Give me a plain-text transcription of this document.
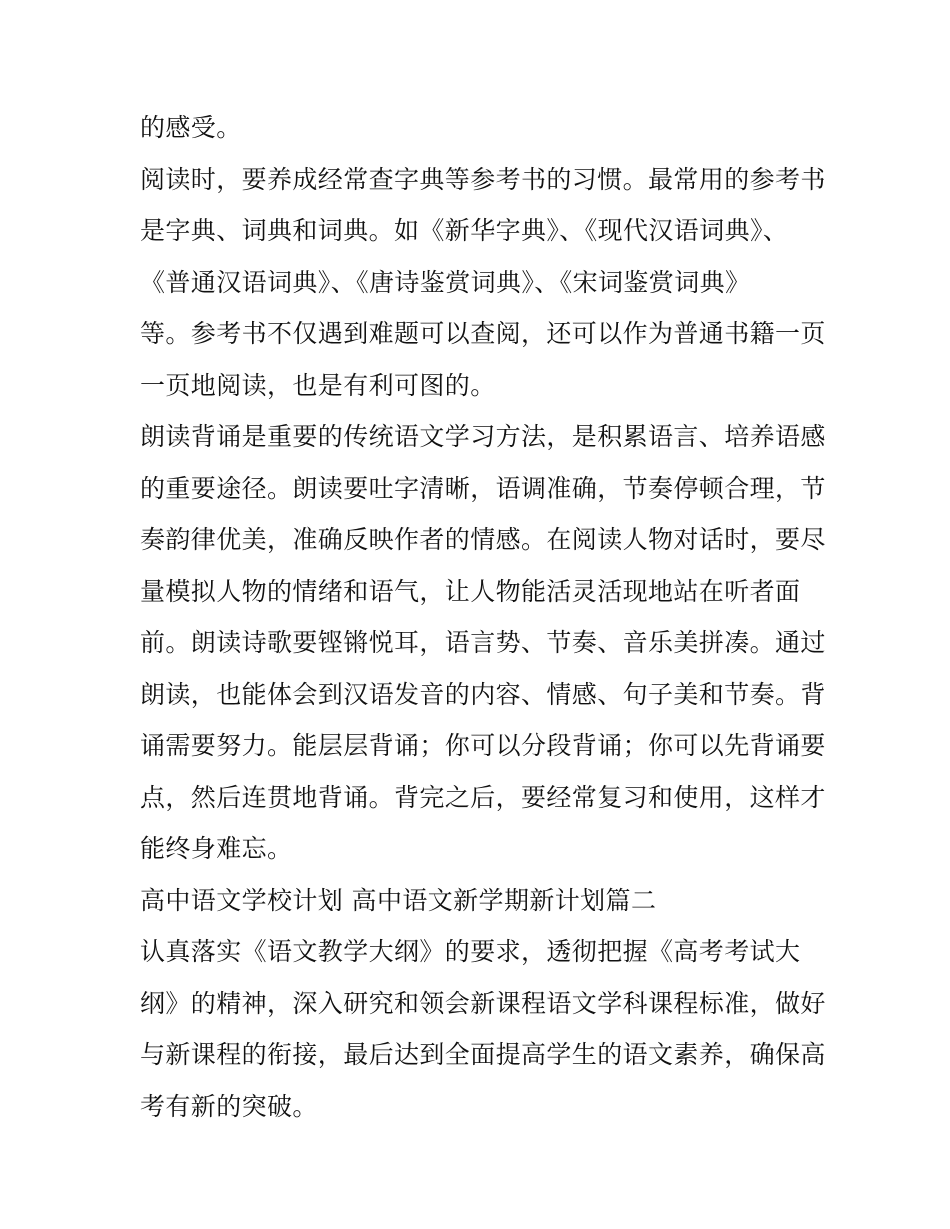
的感受。
阅读时，要养成经常查字典等参考书的习惯。最常用的参考书
是字典、词典和词典。如《新华字典》、《现代汉语词典》、
《普通汉语词典》、《唐诗鉴赏词典》、《宋词鉴赏词典》
等。参考书不仅遇到难题可以查阅，还可以作为普通书籍一页
一页地阅读，也是有利可图的。
朗读背诵是重要的传统语文学习方法，是积累语言、培养语感
的重要途径。朗读要吐字清晰，语调准确，节奏停顿合理，节
奏韵律优美，准确反映作者的情感。在阅读人物对话时，要尽
量模拟人物的情绪和语气，让人物能活灵活现地站在听者面
前。朗读诗歌要铿锵悦耳，语言势、节奏、音乐美拼凑。通过
朗读，也能体会到汉语发音的内容、情感、句子美和节奏。背
诵需要努力。能层层背诵；你可以分段背诵；你可以先背诵要
点，然后连贯地背诵。背完之后，要经常复习和使用，这样才
能终身难忘。
高中语文学校计划 高中语文新学期新计划篇二
认真落实《语文教学大纲》的要求，透彻把握《高考考试大
纲》的精神，深入研究和领会新课程语文学科课程标准，做好
与新课程的衔接，最后达到全面提高学生的语文素养，确保高
考有新的突破。
